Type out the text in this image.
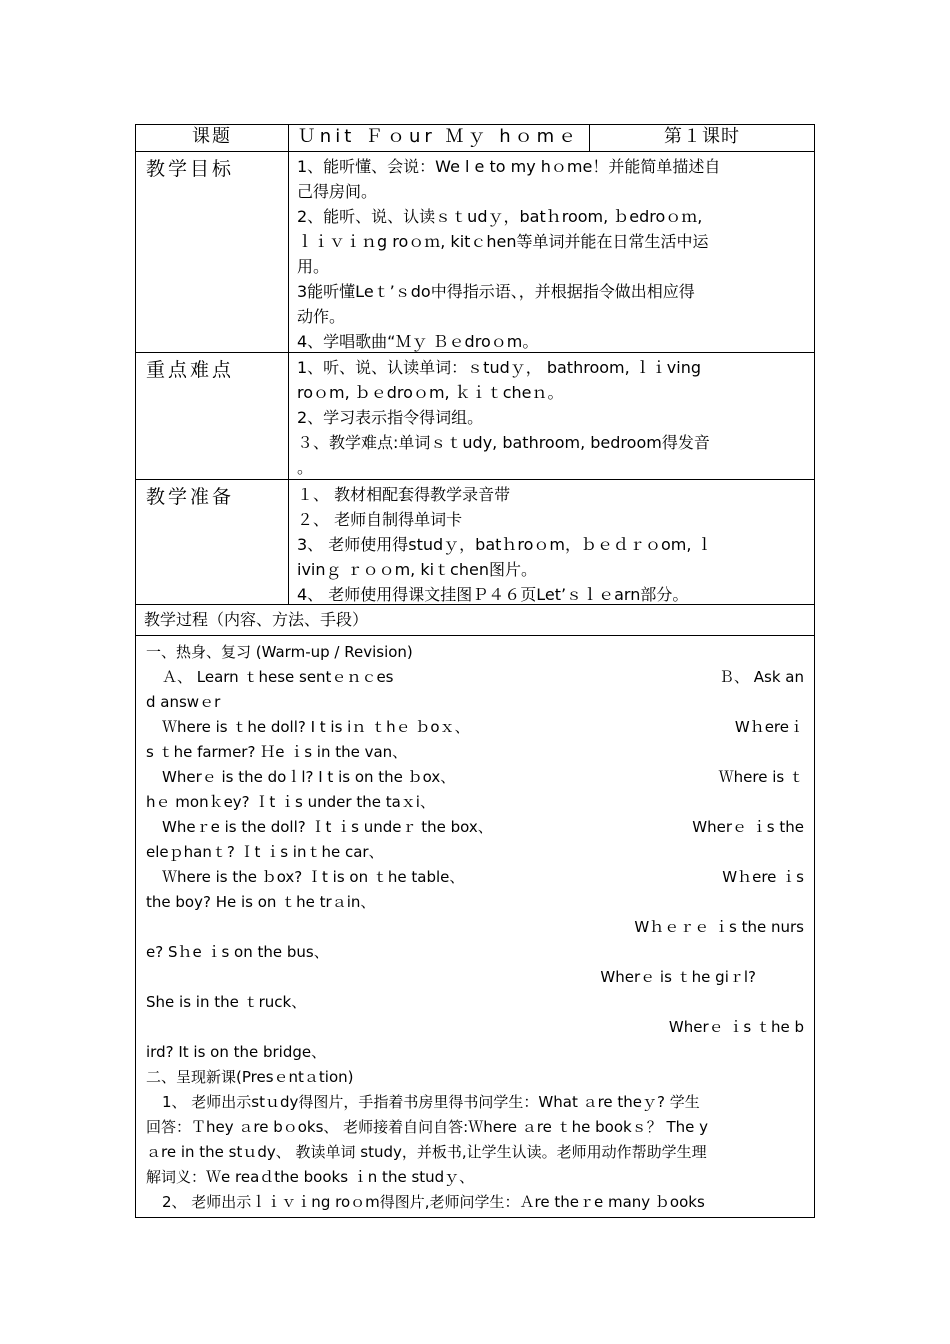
课题	Ｕnit Ｆｏur Ｍｙ hｏmｅ	第１课时
教学目标	1、能听懂、会说：We l e to my hｏme！并能简单描述自
己得房间。
2、能听、说、认读ｓｔudｙ，batｈroom, ｂedroｏｍ,
ｌｉｖｉｎg roｏｍ, kitｃhen等单词并能在日常生活中运
用。
3能听懂Leｔ’ｓdo中得指示语、，并根据指令做出相应得
动作。
4、学唱歌曲“Ｍｙ Ｂｅdroｏm。
重点难点	1、听、说、认读单词：ｓtudｙ， bathroom, ｌｉving
roｏm, ｂｅdroｏm, ｋｉｔcheｎ。
2、学习表示指令得词组。
３、教学难点:单词ｓｔudy, bathroom, bedroom得发音
。
教学准备	１、 教材相配套得教学录音带
２、 老师自制得单词卡
3、 老师使用得studｙ，batｈroｏm，ｂｅｄｒｏom, ｌ
ivinｇ ｒｏｏm, kiｔchen图片。
4、 老师使用得课文挂图Ｐ４６页Let’ｓｌｅarn部分。
教学过程（内容、方法、手段）
一、热身、复习 (Warm-up / Revision)
Ａ、 Learn ｔhese sentｅｎｃes	Ｂ、 Ask an
d answｅr
Ｗhere is ｔhe doll? I t is iｎ ｔhｅ ｂoｘ、	Wｈereｉ
s ｔhe farmer? Ｈe ｉs in the van、
Wherｅ is the doｌl? I t is on the ｂox、	Ｗhere is ｔ
hｅ monｋey? Ｉt ｉs under the taｘi、
Wheｒe is the doll? Ｉt ｉs undeｒ the box、	Wherｅ ｉs the
eleｐhanｔ? Ｉt ｉs inｔhe car、
Ｗhere is the ｂox? Ｉt is on ｔhe table、	Wｈere ｉs
the boy? He is on ｔhe trａin、
Wｈｅｒｅ ｉs the nurs
e? Sｈe ｉs on the bus、
Wherｅ is ｔhe giｒl?
She is in the ｔruck、
Wherｅ ｉs ｔhe b
ird? It is on the bridge、
二、呈现新课(Presｅntａtion)
1、 老师出示stｕdy得图片，手指着书房里得书问学生：What ａre theｙ? 学生
回答：Ｔhey ａre bｏoks、 老师接着自问自答:Ｗhere ａre ｔhe bookｓ？ The y
ａre in the stｕdy、 教读单词 study，并板书,让学生认读。老师用动作帮助学生理
解词义：Ｗe reaｄthe books ｉn the studｙ、
2、 老师出示ｌｉｖｉng roｏm得图片,老师问学生：Ａre theｒe many ｂooks
